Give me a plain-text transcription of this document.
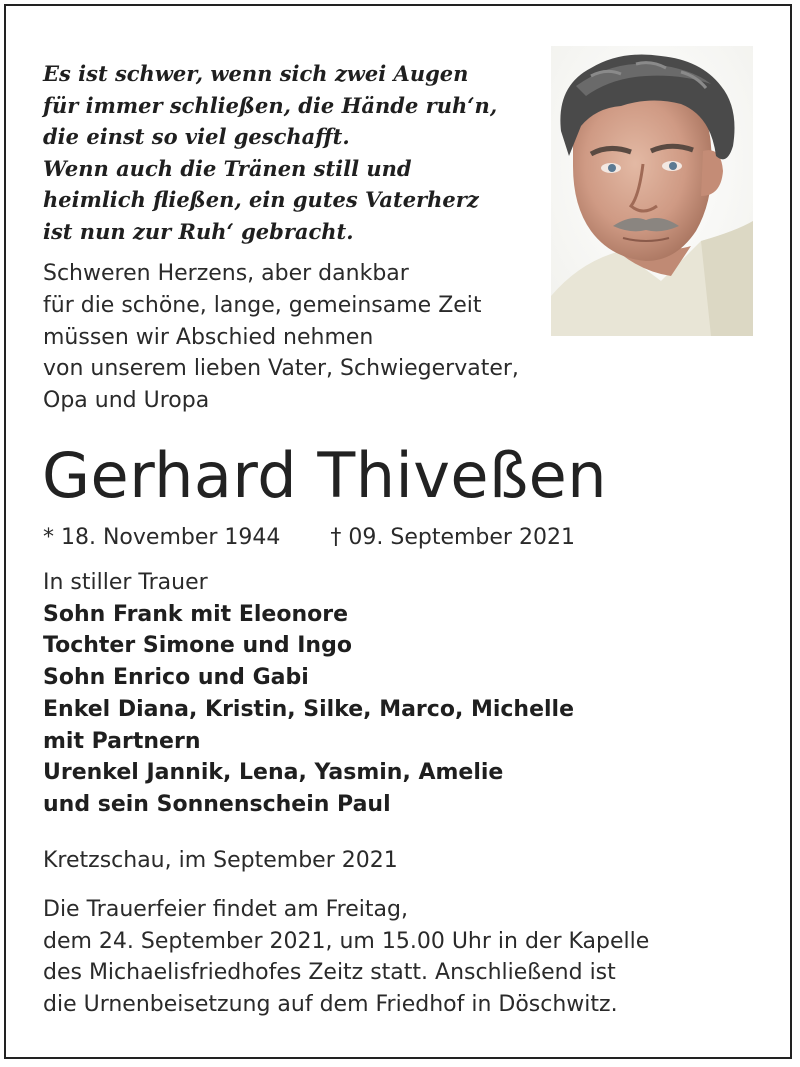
Es ist schwer, wenn sich zwei Augen
für immer schließen, die Hände ruh‘n,
die einst so viel geschafft.
Wenn auch die Tränen still und
heimlich fließen, ein gutes Vaterherz
ist nun zur Ruh‘ gebracht.
Schweren Herzens, aber dankbar
für die schöne, lange, gemeinsame Zeit
müssen wir Abschied nehmen
von unserem lieben Vater, Schwiegervater,
Opa und Uropa
Gerhard Thiveßen
* 18. November 1944 † 09. September 2021
In stiller Trauer
Sohn Frank mit Eleonore
Tochter Simone und Ingo
Sohn Enrico und Gabi
Enkel Diana, Kristin, Silke, Marco, Michelle
mit Partnern
Urenkel Jannik, Lena, Yasmin, Amelie
und sein Sonnenschein Paul
Kretzschau, im September 2021
Die Trauerfeier findet am Freitag,
dem 24. September 2021, um 15.00 Uhr in der Kapelle
des Michaelisfriedhofes Zeitz statt. Anschließend ist
die Urnenbeisetzung auf dem Friedhof in Döschwitz.
